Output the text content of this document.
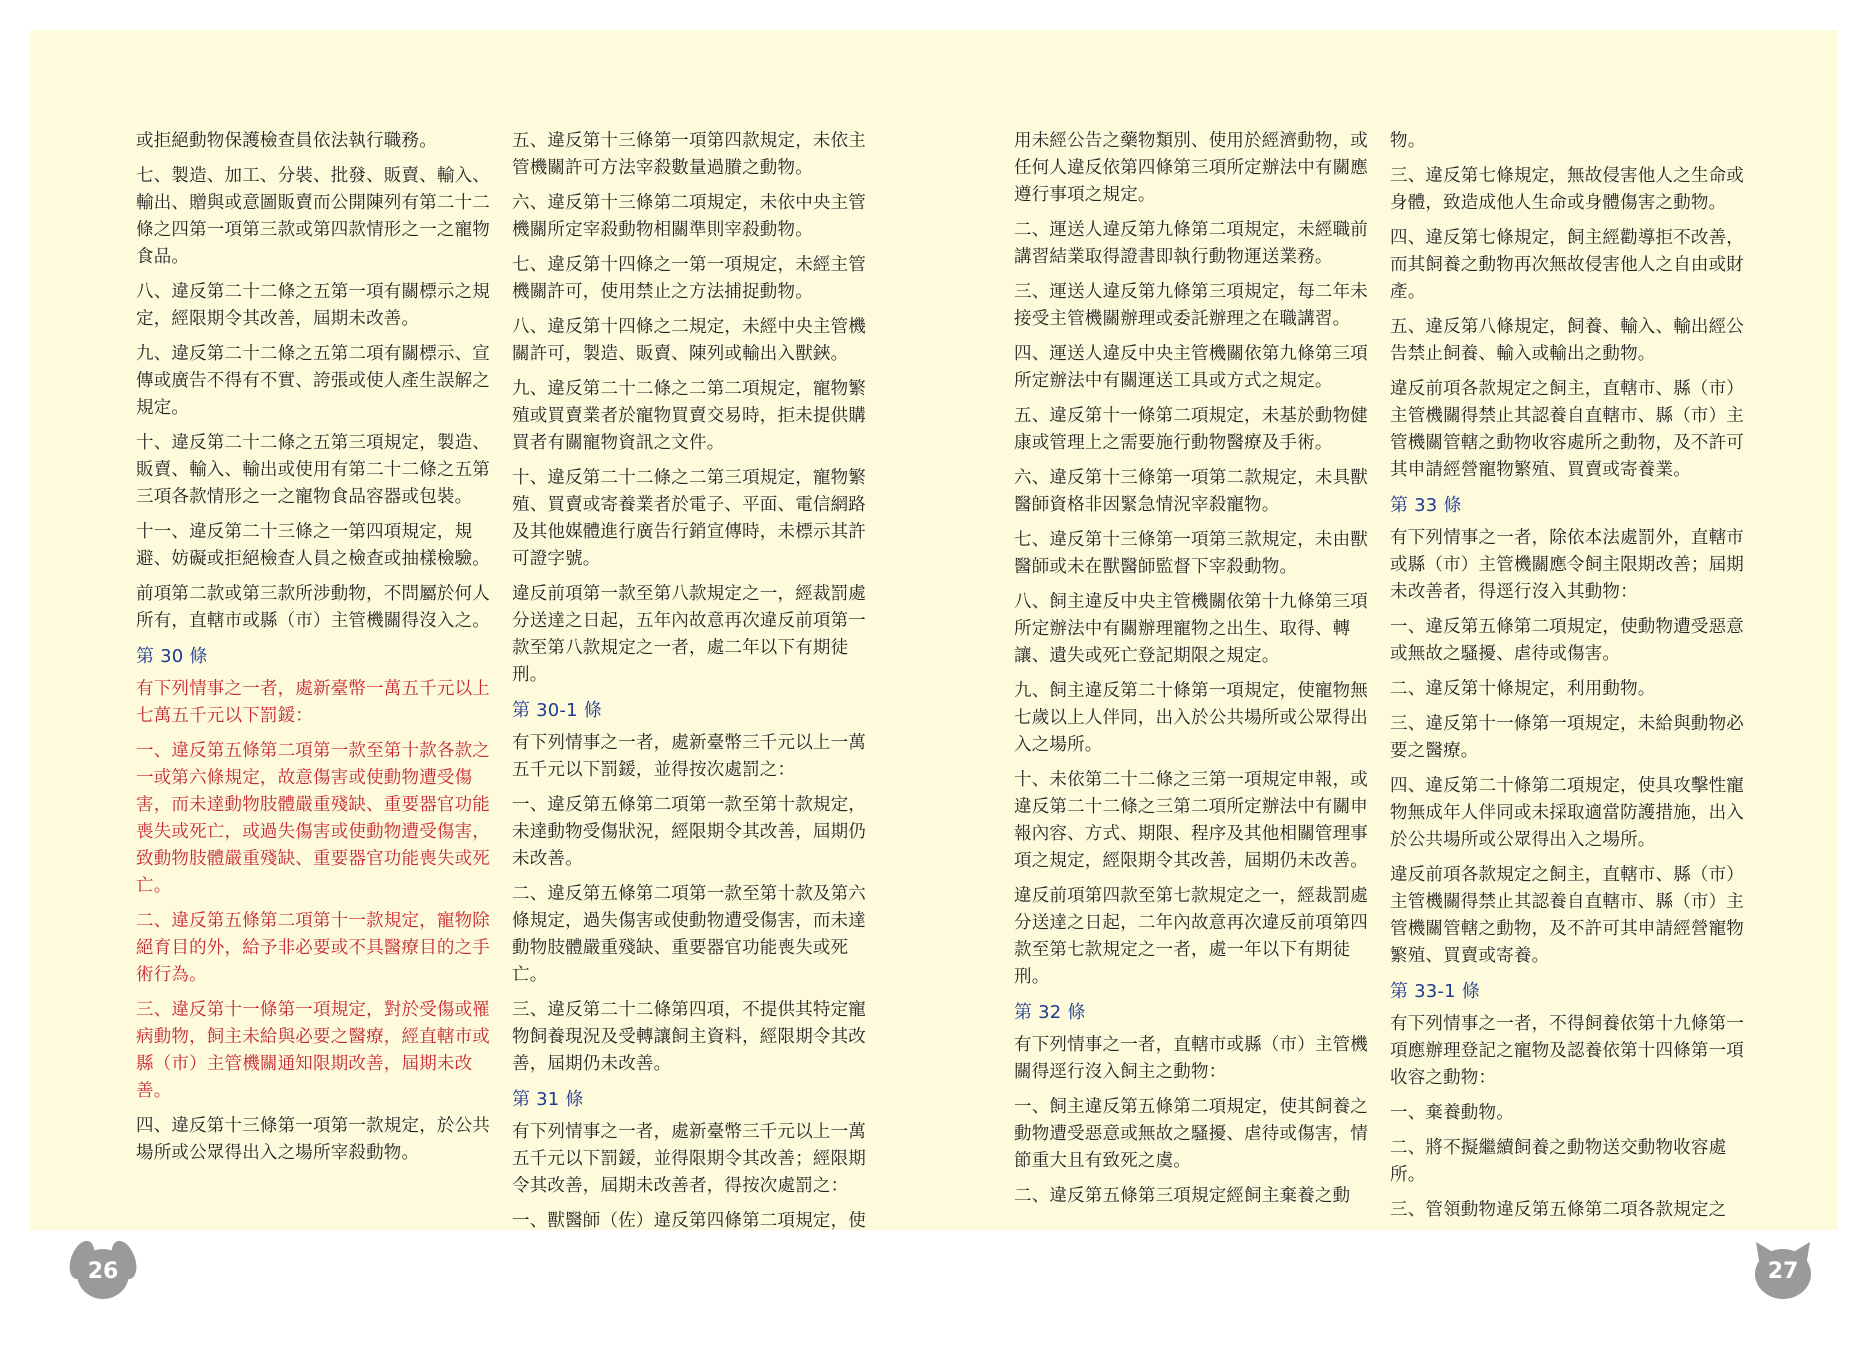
或拒絕動物保護檢查員依法執行職務。

七、製造、加工、分裝、批發、販賣、輸入、輸出、贈與或意圖販賣而公開陳列有第二十二條之四第一項第三款或第四款情形之一之寵物食品。

八、違反第二十二條之五第一項有關標示之規定，經限期令其改善，屆期未改善。

九、違反第二十二條之五第二項有關標示、宣傳或廣告不得有不實、誇張或使人產生誤解之規定。

十、違反第二十二條之五第三項規定，製造、販賣、輸入、輸出或使用有第二十二條之五第三項各款情形之一之寵物食品容器或包裝。

十一、違反第二十三條之一第四項規定，規避、妨礙或拒絕檢查人員之檢查或抽樣檢驗。

前項第二款或第三款所涉動物，不問屬於何人所有，直轄市或縣（市）主管機關得沒入之。

第 30 條

有下列情事之一者，處新臺幣一萬五千元以上七萬五千元以下罰鍰：

一、違反第五條第二項第一款至第十款各款之一或第六條規定，故意傷害或使動物遭受傷害，而未達動物肢體嚴重殘缺、重要器官功能喪失或死亡，或過失傷害或使動物遭受傷害，致動物肢體嚴重殘缺、重要器官功能喪失或死亡。

二、違反第五條第二項第十一款規定，寵物除絕育目的外，給予非必要或不具醫療目的之手術行為。

三、違反第十一條第一項規定，對於受傷或罹病動物，飼主未給與必要之醫療，經直轄市或縣（市）主管機關通知限期改善，屆期未改善。

四、違反第十三條第一項第一款規定，於公共場所或公眾得出入之場所宰殺動物。

五、違反第十三條第一項第四款規定，未依主管機關許可方法宰殺數量過賸之動物。

六、違反第十三條第二項規定，未依中央主管機關所定宰殺動物相關準則宰殺動物。

七、違反第十四條之一第一項規定，未經主管機關許可，使用禁止之方法捕捉動物。

八、違反第十四條之二規定，未經中央主管機關許可，製造、販賣、陳列或輸出入獸鋏。

九、違反第二十二條之二第二項規定，寵物繁殖或買賣業者於寵物買賣交易時，拒未提供購買者有關寵物資訊之文件。

十、違反第二十二條之二第三項規定，寵物繁殖、買賣或寄養業者於電子、平面、電信網路及其他媒體進行廣告行銷宣傳時，未標示其許可證字號。

違反前項第一款至第八款規定之一，經裁罰處分送達之日起，五年內故意再次違反前項第一款至第八款規定之一者，處二年以下有期徒刑。

第 30-1 條

有下列情事之一者，處新臺幣三千元以上一萬五千元以下罰鍰，並得按次處罰之：

一、違反第五條第二項第一款至第十款規定，未達動物受傷狀況，經限期令其改善，屆期仍未改善。

二、違反第五條第二項第一款至第十款及第六條規定，過失傷害或使動物遭受傷害，而未達動物肢體嚴重殘缺、重要器官功能喪失或死亡。

三、違反第二十二條第四項，不提供其特定寵物飼養現況及受轉讓飼主資料，經限期令其改善，屆期仍未改善。

第 31 條

有下列情事之一者，處新臺幣三千元以上一萬五千元以下罰鍰，並得限期令其改善；經限期令其改善，屆期未改善者，得按次處罰之：

一、獸醫師（佐）違反第四條第二項規定，使

用未經公告之藥物類別、使用於經濟動物，或任何人違反依第四條第三項所定辦法中有關應遵行事項之規定。

二、運送人違反第九條第二項規定，未經職前講習結業取得證書即執行動物運送業務。

三、運送人違反第九條第三項規定，每二年未接受主管機關辦理或委託辦理之在職講習。

四、運送人違反中央主管機關依第九條第三項所定辦法中有關運送工具或方式之規定。

五、違反第十一條第二項規定，未基於動物健康或管理上之需要施行動物醫療及手術。

六、違反第十三條第一項第二款規定，未具獸醫師資格非因緊急情況宰殺寵物。

七、違反第十三條第一項第三款規定，未由獸醫師或未在獸醫師監督下宰殺動物。

八、飼主違反中央主管機關依第十九條第三項所定辦法中有關辦理寵物之出生、取得、轉讓、遺失或死亡登記期限之規定。

九、飼主違反第二十條第一項規定，使寵物無七歲以上人伴同，出入於公共場所或公眾得出入之場所。

十、未依第二十二條之三第一項規定申報，或違反第二十二條之三第二項所定辦法中有關申報內容、方式、期限、程序及其他相關管理事項之規定，經限期令其改善，屆期仍未改善。

違反前項第四款至第七款規定之一，經裁罰處分送達之日起，二年內故意再次違反前項第四款至第七款規定之一者，處一年以下有期徒刑。

第 32 條

有下列情事之一者，直轄市或縣（市）主管機關得逕行沒入飼主之動物：

一、飼主違反第五條第二項規定，使其飼養之動物遭受惡意或無故之騷擾、虐待或傷害，情節重大且有致死之虞。

二、違反第五條第三項規定經飼主棄養之動

物。

三、違反第七條規定，無故侵害他人之生命或身體，致造成他人生命或身體傷害之動物。

四、違反第七條規定，飼主經勸導拒不改善，而其飼養之動物再次無故侵害他人之自由或財產。

五、違反第八條規定，飼養、輸入、輸出經公告禁止飼養、輸入或輸出之動物。

違反前項各款規定之飼主，直轄市、縣（市）主管機關得禁止其認養自直轄市、縣（市）主管機關管轄之動物收容處所之動物，及不許可其申請經營寵物繁殖、買賣或寄養業。

第 33 條

有下列情事之一者，除依本法處罰外，直轄市或縣（市）主管機關應令飼主限期改善；屆期未改善者，得逕行沒入其動物：

一、違反第五條第二項規定，使動物遭受惡意或無故之騷擾、虐待或傷害。

二、違反第十條規定，利用動物。

三、違反第十一條第一項規定，未給與動物必要之醫療。

四、違反第二十條第二項規定，使具攻擊性寵物無成年人伴同或未採取適當防護措施，出入於公共場所或公眾得出入之場所。

違反前項各款規定之飼主，直轄市、縣（市）主管機關得禁止其認養自直轄市、縣（市）主管機關管轄之動物，及不許可其申請經營寵物繁殖、買賣或寄養。

第 33-1 條

有下列情事之一者，不得飼養依第十九條第一項應辦理登記之寵物及認養依第十四條第一項收容之動物：

一、棄養動物。

二、將不擬繼續飼養之動物送交動物收容處所。

三、管領動物違反第五條第二項各款規定之

26	27
